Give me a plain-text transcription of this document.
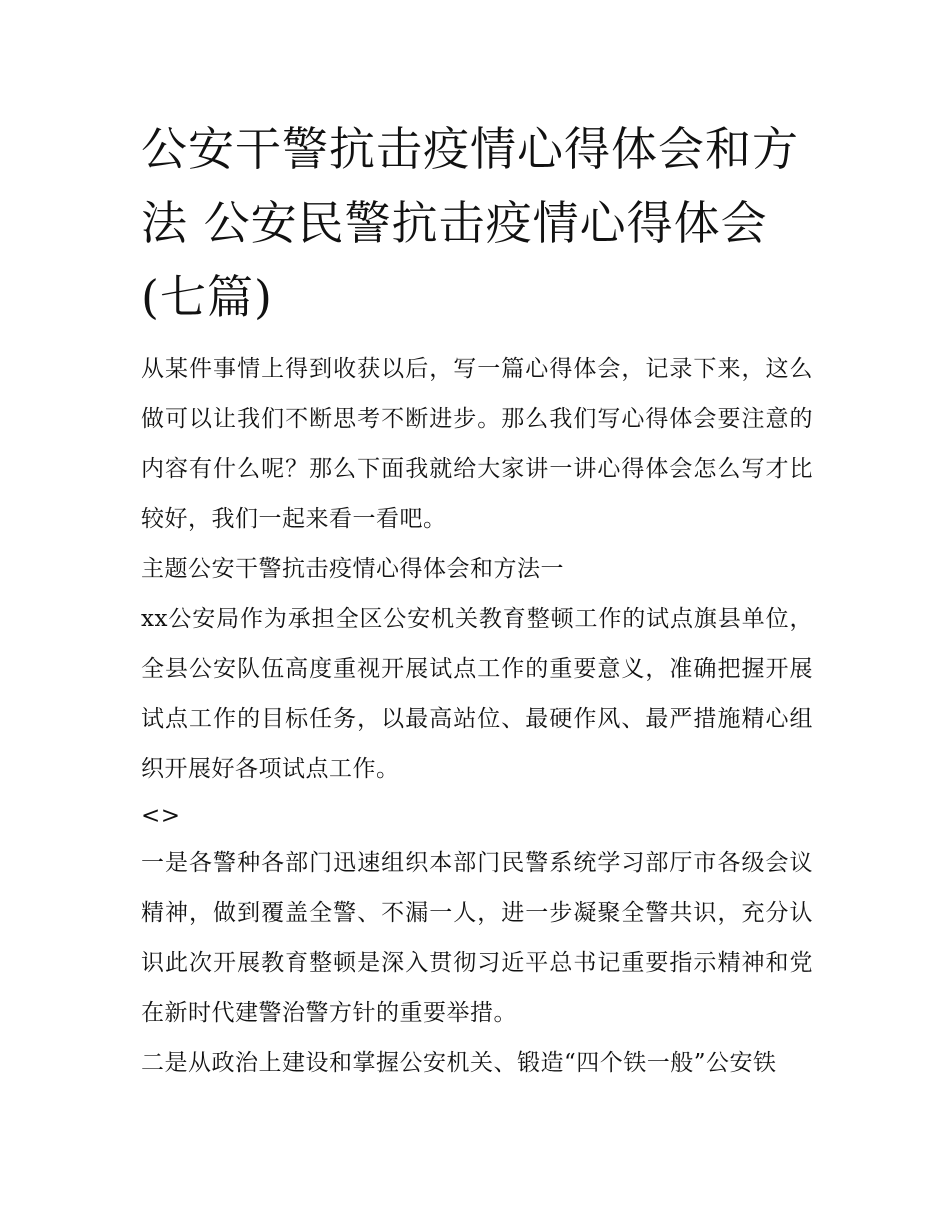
公安干警抗击疫情心得体会和方法 公安民警抗击疫情心得体会(七篇)

从某件事情上得到收获以后，写一篇心得体会，记录下来，这么做可以让我们不断思考不断进步。那么我们写心得体会要注意的内容有什么呢？那么下面我就给大家讲一讲心得体会怎么写才比较好，我们一起来看一看吧。

主题公安干警抗击疫情心得体会和方法一

xx公安局作为承担全区公安机关教育整顿工作的试点旗县单位，全县公安队伍高度重视开展试点工作的重要意义，准确把握开展试点工作的目标任务，以最高站位、最硬作风、最严措施精心组织开展好各项试点工作。

<>

一是各警种各部门迅速组织本部门民警系统学习部厅市各级会议精神，做到覆盖全警、不漏一人，进一步凝聚全警共识，充分认识此次开展教育整顿是深入贯彻习近平总书记重要指示精神和党在新时代建警治警方针的重要举措。

二是从政治上建设和掌握公安机关、锻造“四个铁一般”公安铁
